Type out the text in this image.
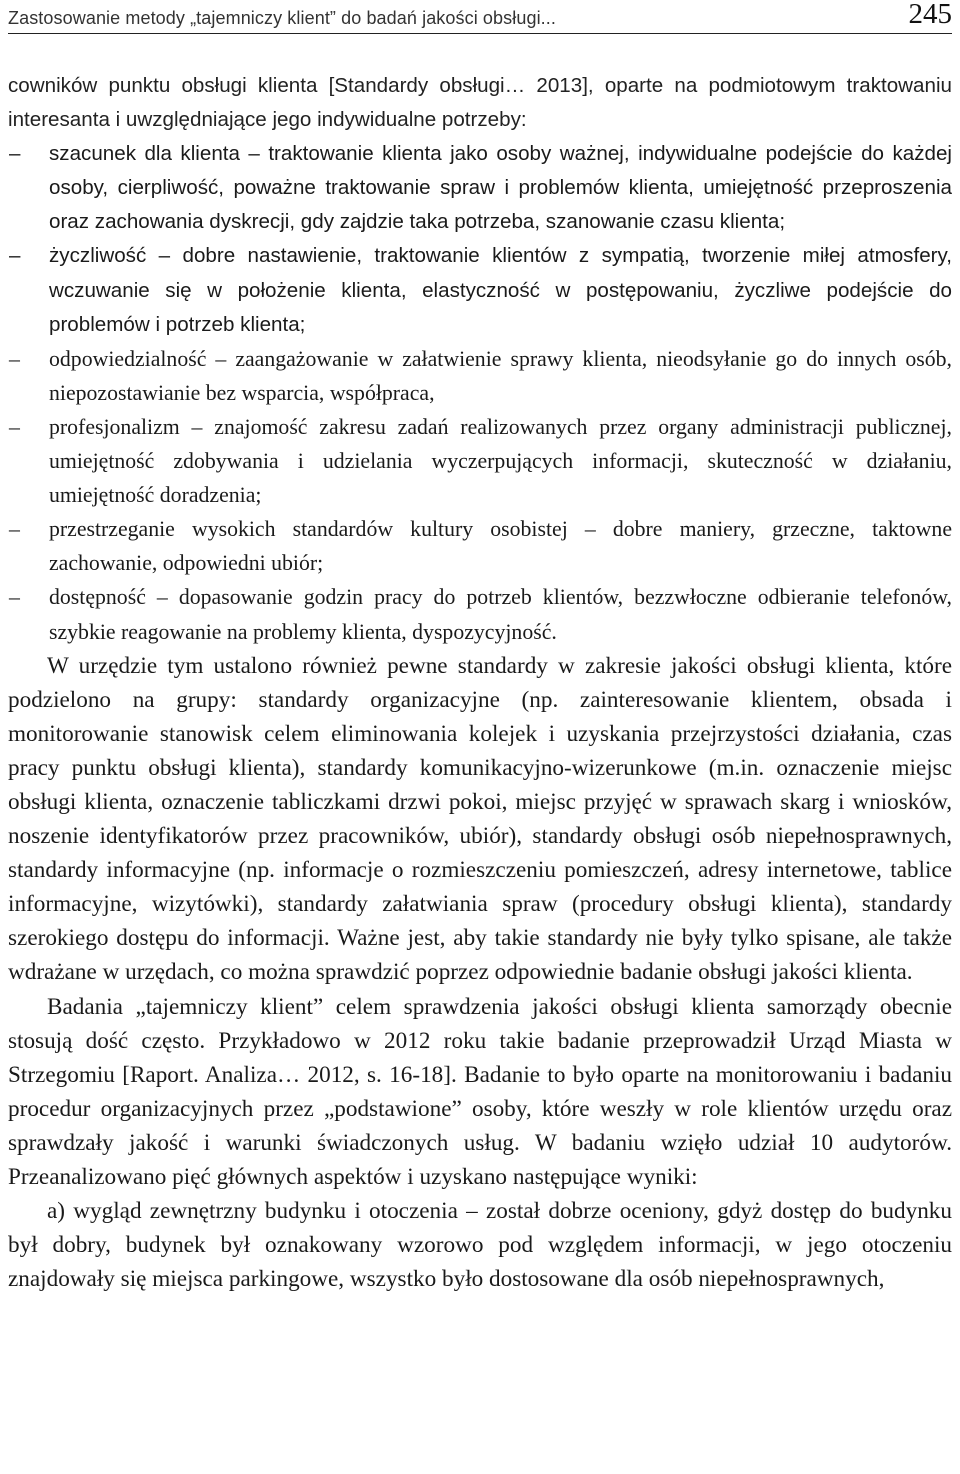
Zastosowanie metody „tajemniczy klient” do badań jakości obsługi...	245

cowników punktu obsługi klienta [Standardy obsługi… 2013], oparte na podmiotowym traktowaniu interesanta i uwzględniające jego indywidualne potrzeby:

–
szacunek dla klienta – traktowanie klienta jako osoby ważnej, indywidualne podejście do każdej osoby, cierpliwość, poważne traktowanie spraw i problemów klienta, umiejętność przeproszenia oraz zachowania dyskrecji, gdy zajdzie taka potrzeba, szanowanie czasu klienta;
–
życzliwość – dobre nastawienie, traktowanie klientów z sympatią, tworzenie miłej atmosfery, wczuwanie się w położenie klienta, elastyczność w postępowaniu, życzliwe podejście do problemów i potrzeb klienta;
–
odpowiedzialność – zaangażowanie w załatwienie sprawy klienta, nieodsyłanie go do innych osób, niepozostawianie bez wsparcia, współpraca,
–
profesjonalizm – znajomość zakresu zadań realizowanych przez organy administracji publicznej, umiejętność zdobywania i udzielania wyczerpujących informacji, skuteczność w działaniu, umiejętność doradzenia;
–
przestrzeganie wysokich standardów kultury osobistej – dobre maniery, grzeczne, taktowne zachowanie, odpowiedni ubiór;
–
dostępność – dopasowanie godzin pracy do potrzeb klientów, bezzwłoczne odbieranie telefonów, szybkie reagowanie na problemy klienta, dyspozycyjność.

W urzędzie tym ustalono również pewne standardy w zakresie jakości obsługi klienta, które podzielono na grupy: standardy organizacyjne (np. zainteresowanie klientem, obsada i monitorowanie stanowisk celem eliminowania kolejek i uzyskania przejrzystości działania, czas pracy punktu obsługi klienta), standardy komunikacyjno-wizerunkowe (m.in. oznaczenie miejsc obsługi klienta, oznaczenie tabliczkami drzwi pokoi, miejsc przyjęć w sprawach skarg i wniosków, noszenie identyfikatorów przez pracowników, ubiór), standardy obsługi osób niepełnosprawnych, standardy informacyjne (np. informacje o rozmieszczeniu pomieszczeń, adresy internetowe, tablice informacyjne, wizytówki), standardy załatwiania spraw (procedury obsługi klienta), standardy szerokiego dostępu do informacji. Ważne jest, aby takie standardy nie były tylko spisane, ale także wdrażane w urzędach, co można sprawdzić poprzez odpowiednie badanie obsługi jakości klienta.

Badania „tajemniczy klient” celem sprawdzenia jakości obsługi klienta samorządy obecnie stosują dość często. Przykładowo w 2012 roku takie badanie przeprowadził Urząd Miasta w Strzegomiu [Raport. Analiza… 2012, s. 16-18]. Badanie to było oparte na monitorowaniu i badaniu procedur organizacyjnych przez „podstawione” osoby, które weszły w role klientów urzędu oraz sprawdzały jakość i warunki świadczonych usług. W badaniu wzięło udział 10 audytorów. Przeanalizowano pięć głównych aspektów i uzyskano następujące wyniki:

a) wygląd zewnętrzny budynku i otoczenia – został dobrze oceniony, gdyż dostęp do budynku był dobry, budynek był oznakowany wzorowo pod względem informacji, w jego otoczeniu znajdowały się miejsca parkingowe, wszystko było dostosowane dla osób niepełnosprawnych,
